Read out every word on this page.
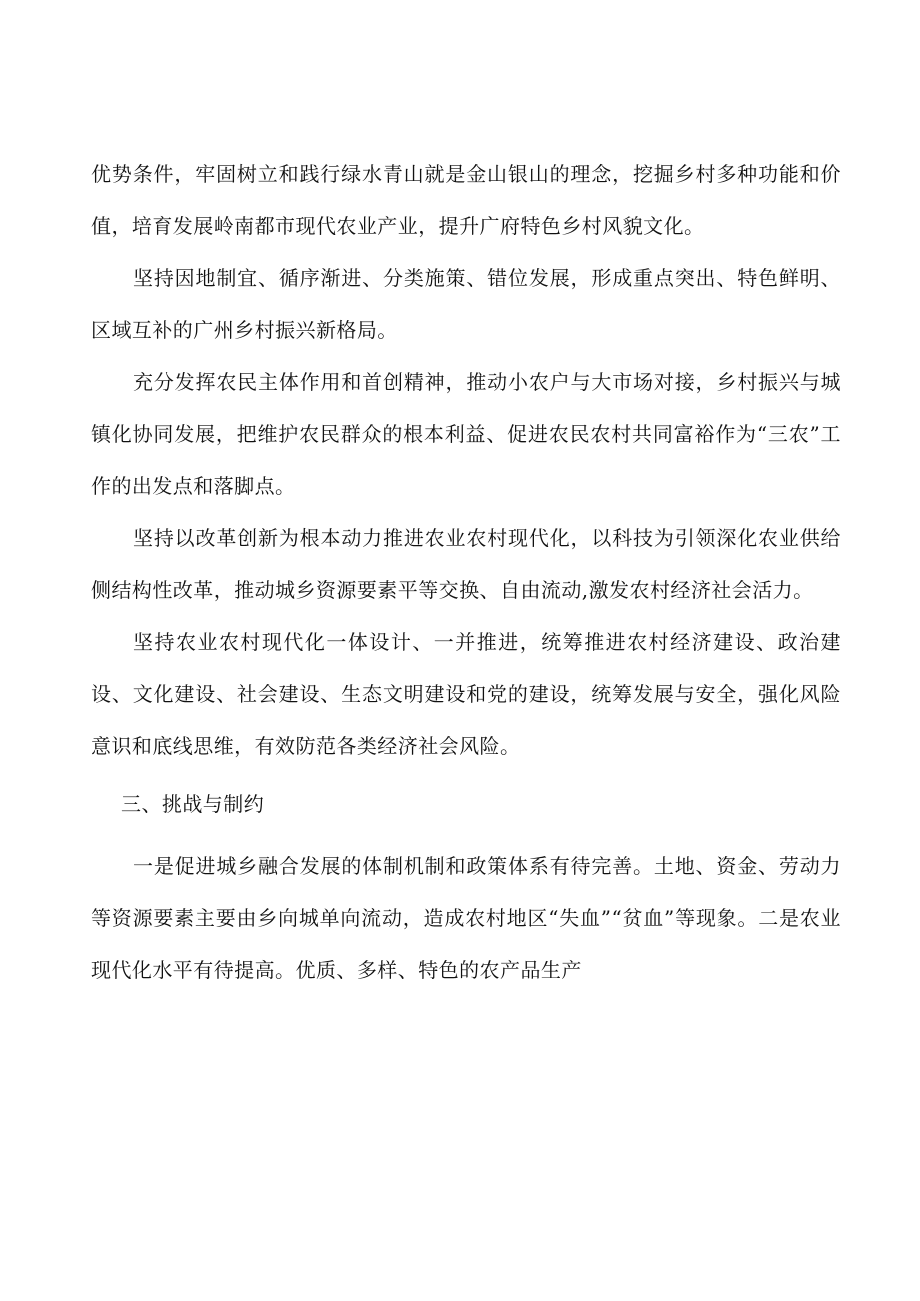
优势条件，牢固树立和践行绿水青山就是金山银山的理念，挖掘乡村多种功能和价值，培育发展岭南都市现代农业产业，提升广府特色乡村风貌文化。

坚持因地制宜、循序渐进、分类施策、错位发展，形成重点突出、特色鲜明、区域互补的广州乡村振兴新格局。

充分发挥农民主体作用和首创精神，推动小农户与大市场对接，乡村振兴与城镇化协同发展，把维护农民群众的根本利益、促进农民农村共同富裕作为“三农”工作的出发点和落脚点。

坚持以改革创新为根本动力推进农业农村现代化，以科技为引领深化农业供给侧结构性改革，推动城乡资源要素平等交换、自由流动,激发农村经济社会活力。

坚持农业农村现代化一体设计、一并推进，统筹推进农村经济建设、政治建设、文化建设、社会建设、生态文明建设和党的建设，统筹发展与安全，强化风险意识和底线思维，有效防范各类经济社会风险。

三、挑战与制约

一是促进城乡融合发展的体制机制和政策体系有待完善。土地、资金、劳动力等资源要素主要由乡向城单向流动，造成农村地区“失血”“贫血”等现象。二是农业现代化水平有待提高。优质、多样、特色的农产品生产
